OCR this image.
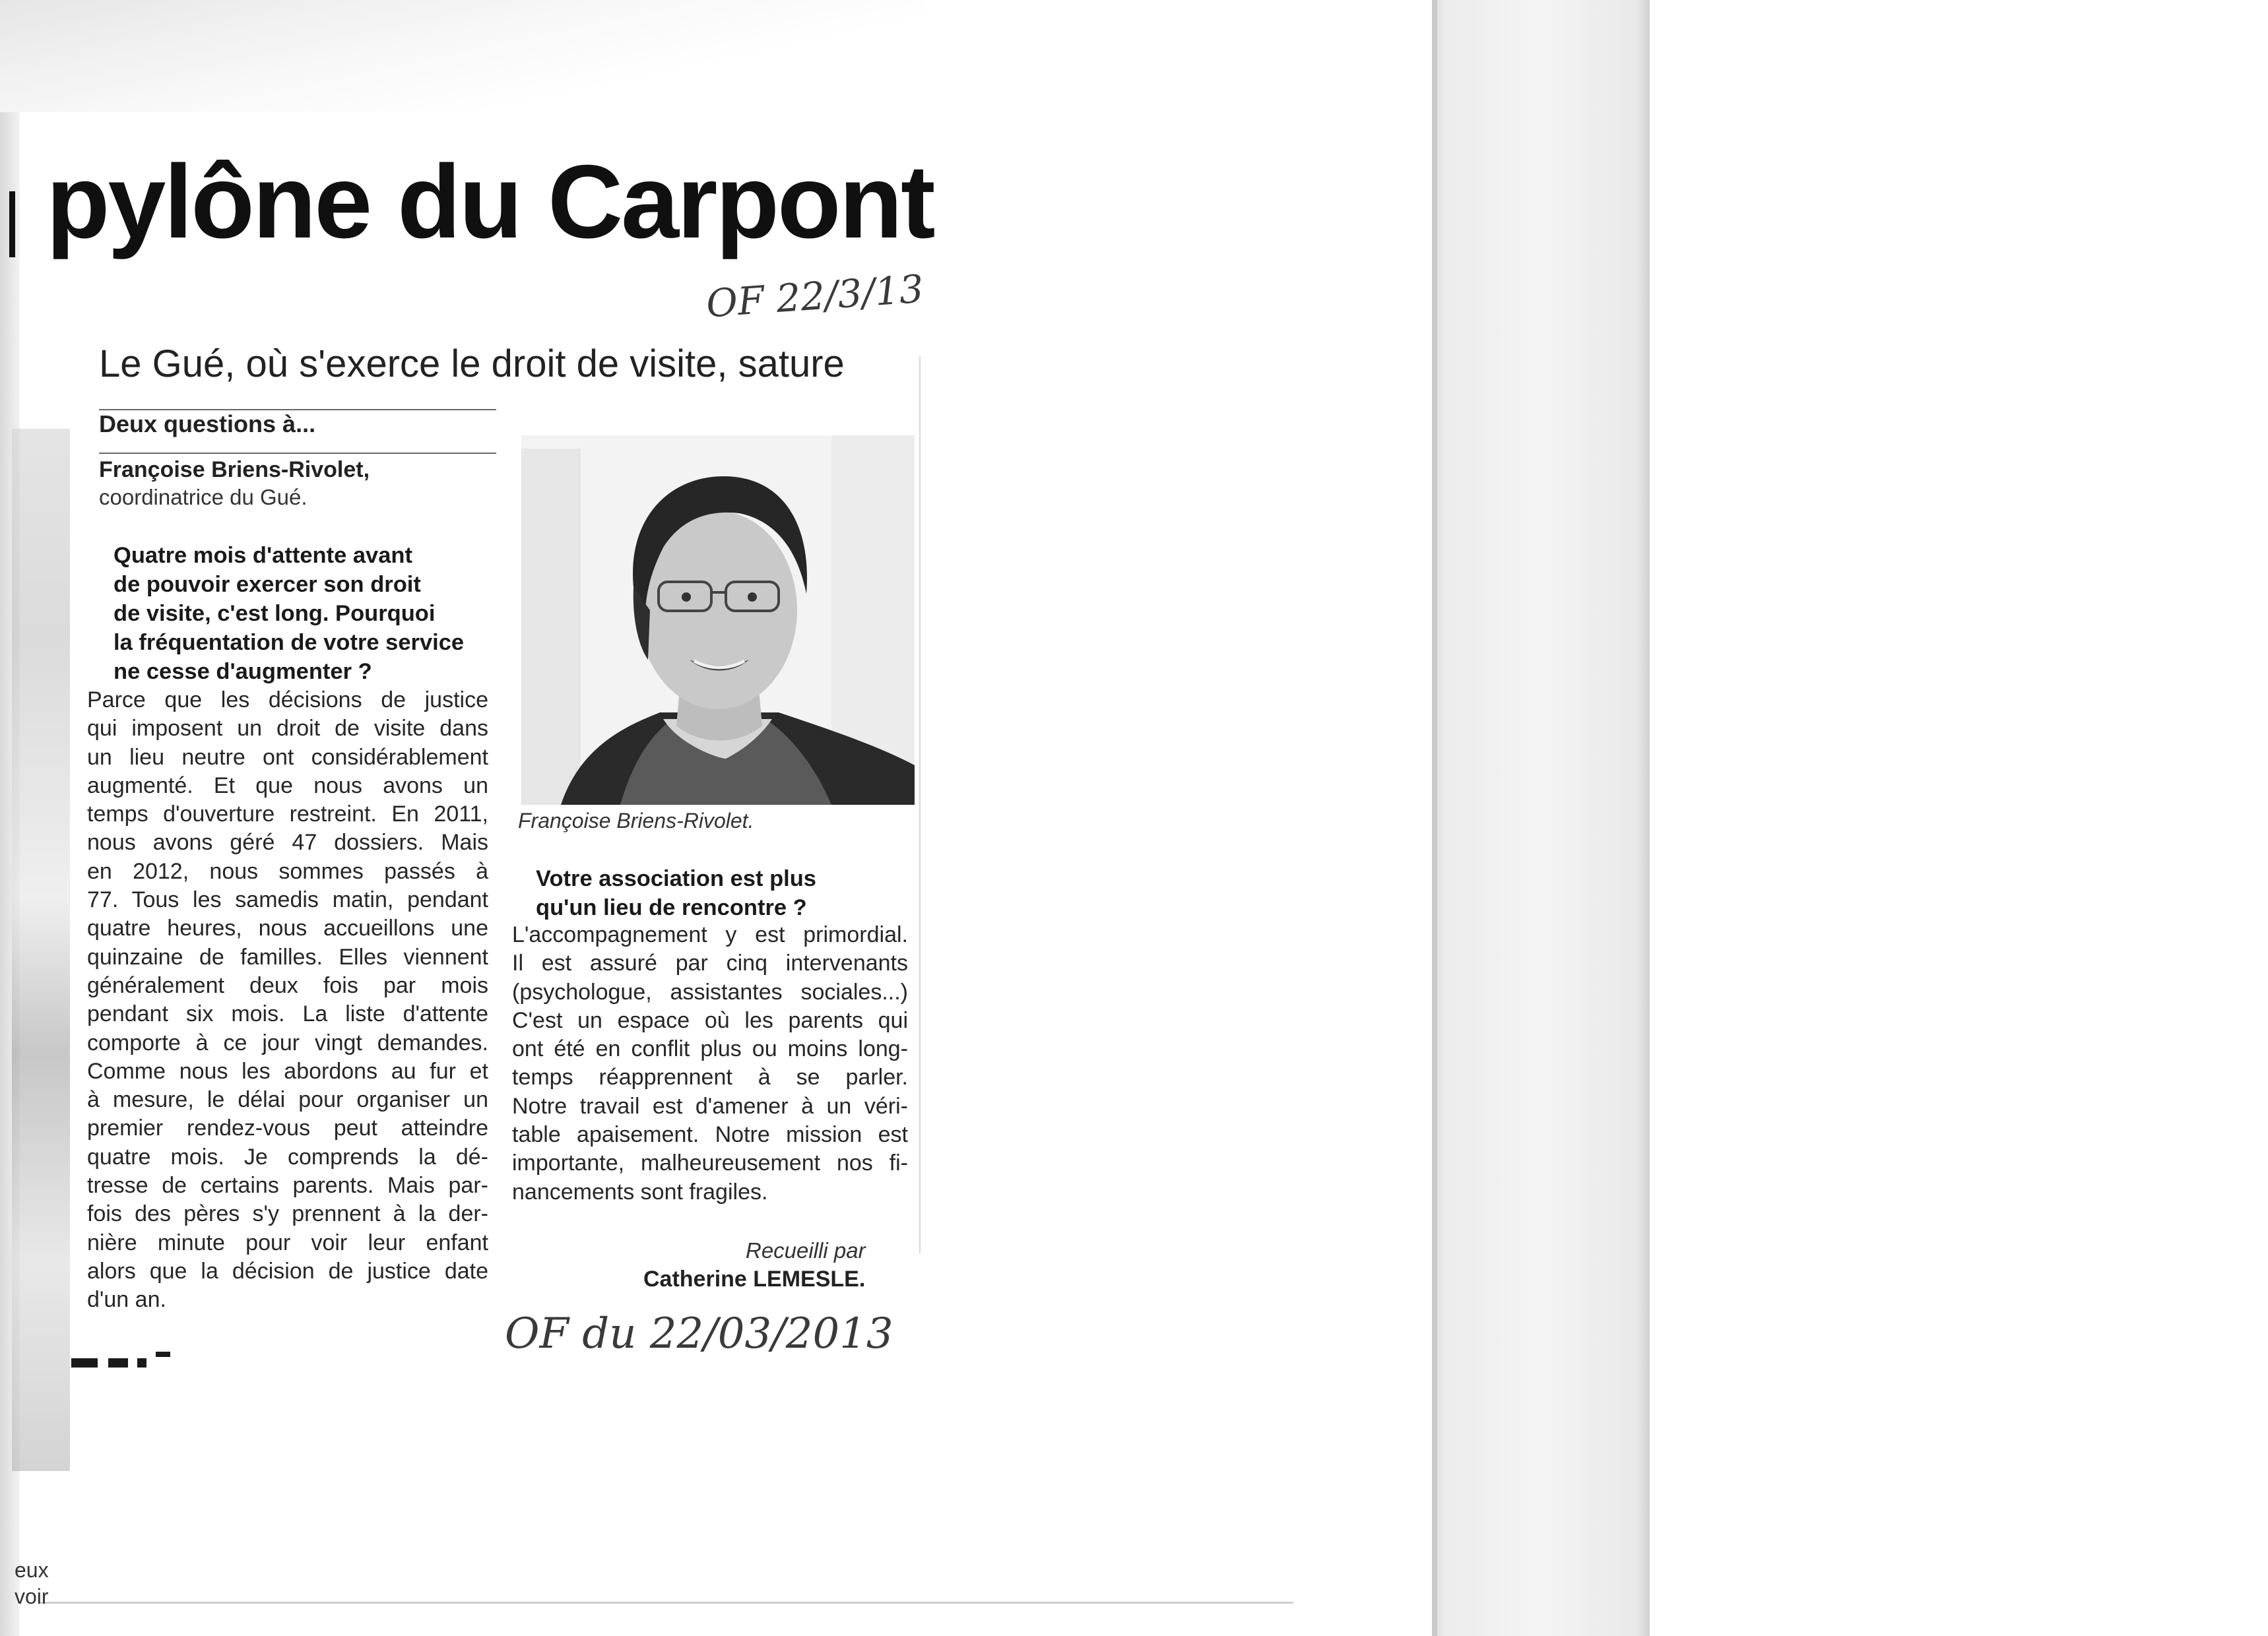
pylône du Carpont
OF 22/3/13
OF du 22/03/2013
Le Gué, où s'exerce le droit de visite, sature
Deux questions à...
Françoise Briens-Rivolet,
coordinatrice du Gué.
Quatre mois d'attente avant
de pouvoir exercer son droit
de visite, c'est long. Pourquoi
la fréquentation de votre service
ne cesse d'augmenter ?
Parce que les décisions de justice
qui imposent un droit de visite dans
un lieu neutre ont considérablement
augmenté. Et que nous avons un
temps d'ouverture restreint. En 2011,
nous avons géré 47 dossiers. Mais
en 2012, nous sommes passés à
77. Tous les samedis matin, pendant
quatre heures, nous accueillons une
quinzaine de familles. Elles viennent
généralement deux fois par mois
pendant six mois. La liste d'attente
comporte à ce jour vingt demandes.
Comme nous les abordons au fur et
à mesure, le délai pour organiser un
premier rendez-vous peut atteindre
quatre mois. Je comprends la dé-
tresse de certains parents. Mais par-
fois des pères s'y prennent à la der-
nière minute pour voir leur enfant
alors que la décision de justice date
d'un an.
Françoise Briens-Rivolet.
Votre association est plus
qu'un lieu de rencontre ?
L'accompagnement y est primordial.
Il est assuré par cinq intervenants
(psychologue, assistantes sociales...)
C'est un espace où les parents qui
ont été en conflit plus ou moins long-
temps réapprennent à se parler.
Notre travail est d'amener à un véri-
table apaisement. Notre mission est
importante, malheureusement nos fi-
nancements sont fragiles.
Recueilli par
Catherine LEMESLE.
eux
voir
